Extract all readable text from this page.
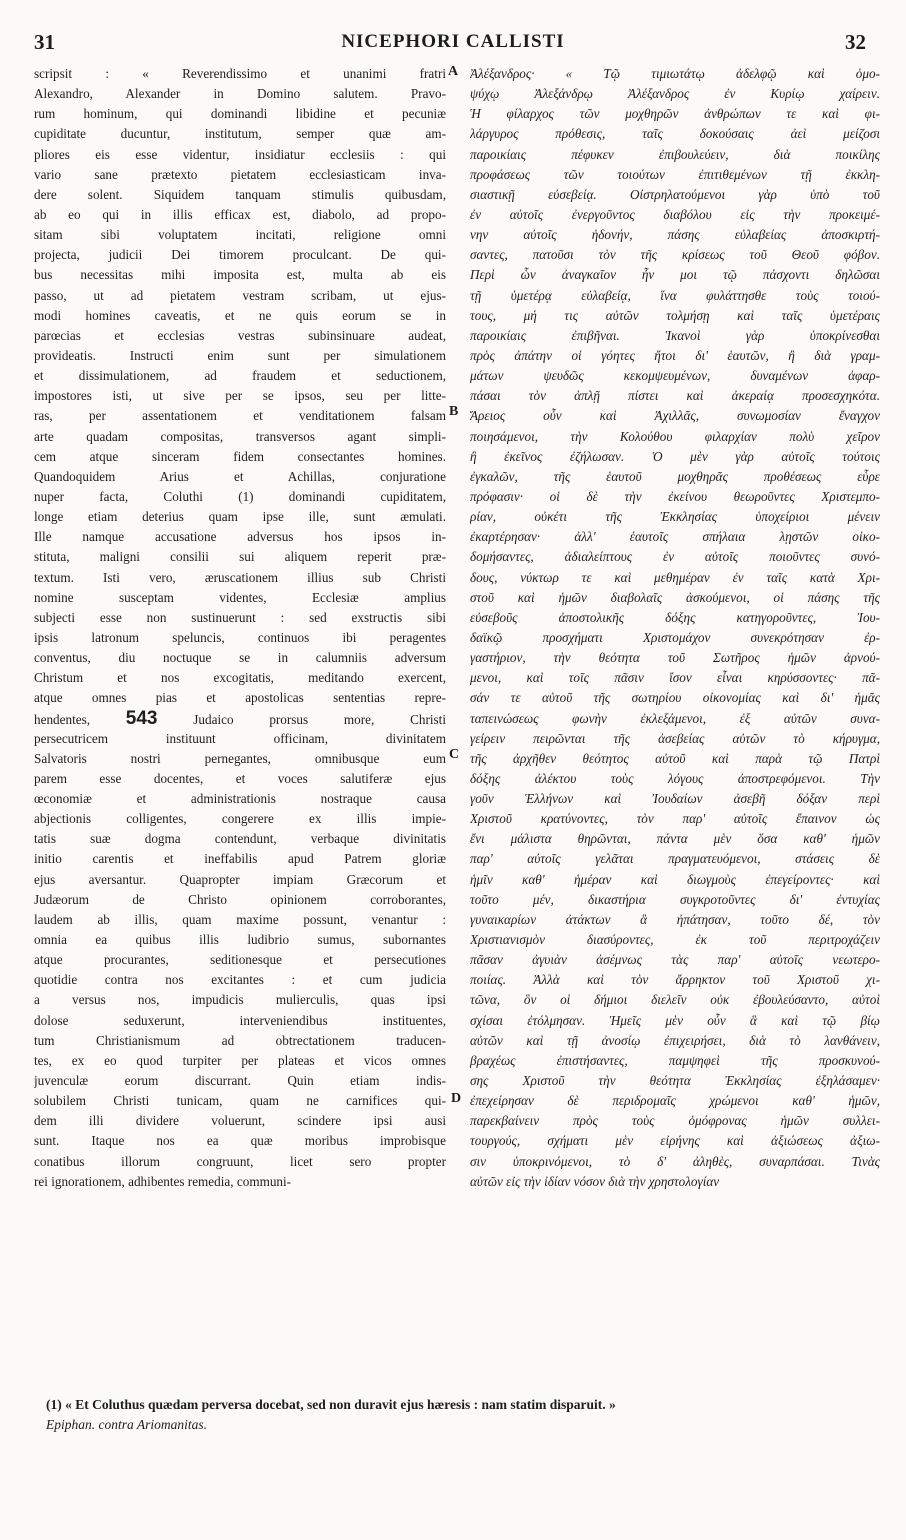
31	NICEPHORI CALLISTI	32
scripsit : « Reverendissimo et unanimi fratri
Alexandro, Alexander in Domino salutem. Pravo-
rum hominum, qui dominandi libidine et pecuniæ
cupiditate ducuntur, institutum, semper quæ am-
pliores eis esse videntur, insidiatur ecclesiis : qui
vario sane prætexto pietatem ecclesiasticam inva-
dere solent. Siquidem tanquam stimulis quibusdam,
ab eo qui in illis efficax est, diabolo, ad propo-
sitam sibi voluptatem incitati, religione omni
projecta, judicii Dei timorem proculcant. De qui-
bus necessitas mihi imposita est, multa ab eis
passo, ut ad pietatem vestram scribam, ut ejus-
modi homines caveatis, et ne quis eorum se in
parœcias et ecclesias vestras subinsinuare audeat,
provideatis. Instructi enim sunt per simulationem
et dissimulationem, ad fraudem et seductionem,
impostores isti, ut sive per se ipsos, seu per litte-
ras, per assentationem et venditationem falsam
arte quadam compositas, transversos agant simpli-
cem atque sinceram fidem consectantes homines.
Quandoquidem Arius et Achillas, conjuratione
nuper facta, Coluthi (1) dominandi cupiditatem,
longe etiam deterius quam ipse ille, sunt æmulati.
Ille namque accusatione adversus hos ipsos in-
stituta, maligni consilii sui aliquem reperit præ-
textum. Isti vero, æruscationem illius sub Christi
nomine susceptam videntes, Ecclesiæ amplius
subjecti esse non sustinuerunt : sed exstructis sibi
ipsis latronum speluncis, continuos ibi peragentes
conventus, diu noctuque se in calumniis adversum
Christum et nos excogitatis, meditando exercent,
atque omnes pias et apostolicas sententias repre-
hendentes, 543 Judaico prorsus more, Christi
persecutricem instituunt officinam, divinitatem
Salvatoris nostri pernegantes, omnibusque eum
parem esse docentes, et voces salutiferæ ejus
œconomiæ et administrationis nostraque causa
abjectionis colligentes, congerere ex illis impie-
tatis suæ dogma contendunt, verbaque divinitatis
initio carentis et ineffabilis apud Patrem gloriæ
ejus aversantur. Quapropter impiam Græcorum et
Judæorum de Christo opinionem corroborantes,
laudem ab illis, quam maxime possunt, venantur :
omnia ea quibus illis ludibrio sumus, subornantes
atque procurantes, seditionesque et persecutiones
quotidie contra nos excitantes : et cum judicia
a versus nos, impudicis mulierculis, quas ipsi
dolose seduxerunt, interveniendibus instituentes,
tum Christianismum ad obtrectationem traducen-
tes, ex eo quod turpiter per plateas et vicos omnes
juvenculæ eorum discurrant. Quin etiam indis-
solubilem Christi tunicam, quam ne carnifices qui-
dem illi dividere voluerunt, scindere ipsi ausi
sunt. Itaque nos ea quæ moribus improbisque
conatibus illorum congruunt, licet sero propter
rei ignorationem, adhibentes remedia, communi-
A
B
C
D
Ἀλέξανδρος· « Τῷ τιμιωτάτῳ ἀδελφῷ καὶ ὁμο-
ψύχῳ Ἀλεξάνδρῳ Ἀλέξανδρος ἐν Κυρίῳ χαίρειν.
Ἡ φίλαρχος τῶν μοχθηρῶν ἀνθρώπων τε καὶ φι-
λάργυρος πρόθεσις, ταῖς δοκούσαις ἀεὶ μείζοσι
παροικίαις πέφυκεν ἐπιβουλεύειν, διὰ ποικίλης
προφάσεως τῶν τοιούτων ἐπιτιθεμένων τῇ ἐκκλη-
σιαστικῇ εὐσεβείᾳ. Οἰστρηλατούμενοι γὰρ ὑπὸ τοῦ
ἐν αὐτοῖς ἐνεργοῦντος διαβόλου εἰς τὴν προκειμέ-
νην αὐτοῖς ἡδονήν, πάσης εὐλαβείας ἀποσκιρτή-
σαντες, πατοῦσι τὸν τῆς κρίσεως τοῦ Θεοῦ φόβον.
Περὶ ὧν ἀναγκαῖον ἦν μοι τῷ πάσχοντι δηλῶσαι
τῇ ὑμετέρᾳ εὐλαβείᾳ, ἵνα φυλάττησθε τοὺς τοιού-
τους, μή τις αὐτῶν τολμήσῃ καὶ ταῖς ὑμετέραις
παροικίαις ἐπιβῆναι. Ἱκανοὶ γὰρ ὑποκρίνεσθαι
πρὸς ἀπάτην οἱ γόητες ἤτοι δι' ἑαυτῶν, ἢ διὰ γραμ-
μάτων ψευδῶς κεκομψευμένων, δυναμένων ἀφαρ-
πάσαι τὸν ἁπλῇ πίστει καὶ ἀκεραίᾳ προσεσχηκότα.
Ἄρειος οὖν καὶ Ἀχιλλᾶς, συνωμοσίαν ἔναγχον
ποιησάμενοι, τὴν Κολούθου φιλαρχίαν πολὺ χεῖρον
ἢ ἐκεῖνος ἐζήλωσαν. Ὁ μὲν γὰρ αὐτοῖς τούτοις
ἐγκαλῶν, τῆς ἑαυτοῦ μοχθηρᾶς προθέσεως εὗρε
πρόφασιν· οἱ δὲ τὴν ἐκείνου θεωροῦντες Χριστεμπο-
ρίαν, οὐκέτι τῆς Ἐκκλησίας ὑποχείριοι μένειν
ἐκαρτέρησαν· ἀλλ' ἑαυτοῖς σπήλαια λῃστῶν οἰκο-
δομήσαντες, ἀδιαλείπτους ἐν αὐτοῖς ποιοῦντες συνό-
δους, νύκτωρ τε καὶ μεθημέραν ἐν ταῖς κατὰ Χρι-
στοῦ καὶ ἡμῶν διαβολαῖς ἀσκούμενοι, οἱ πάσης τῆς
εὐσεβοῦς ἀποστολικῆς δόξης κατηγοροῦντες, Ἰου-
δαϊκῷ προσχήματι Χριστομάχον συνεκρότησαν ἐρ-
γαστήριον, τὴν θεότητα τοῦ Σωτῆρος ἡμῶν ἀρνού-
μενοι, καὶ τοῖς πᾶσιν ἴσον εἶναι κηρύσσοντες· πᾶ-
σάν τε αὐτοῦ τῆς σωτηρίου οἰκονομίας καὶ δι' ἡμᾶς
ταπεινώσεως φωνὴν ἐκλεξάμενοι, ἐξ αὐτῶν συνα-
γείρειν πειρῶνται τῆς ἀσεβείας αὐτῶν τὸ κήρυγμα,
τῆς ἀρχῆθεν θεότητος αὐτοῦ καὶ παρὰ τῷ Πατρὶ
δόξης ἀλέκτου τοὺς λόγους ἀποστρεφόμενοι. Τὴν
γοῦν Ἑλλήνων καὶ Ἰουδαίων ἀσεβῆ δόξαν περὶ
Χριστοῦ κρατύνοντες, τὸν παρ' αὐτοῖς ἔπαινον ὡς
ἔνι μάλιστα θηρῶνται, πάντα μὲν ὅσα καθ' ἡμῶν
παρ' αὐτοῖς γελᾶται πραγματευόμενοι, στάσεις δὲ
ἡμῖν καθ' ἡμέραν καὶ διωγμοὺς ἐπεγείροντες· καὶ
τοῦτο μέν, δικαστήρια συγκροτοῦντες δι' ἐντυχίας
γυναικαρίων ἀτάκτων ἃ ἠπάτησαν, τοῦτο δέ, τὸν
Χριστιανισμὸν διασύροντες, ἐκ τοῦ περιτροχάζειν
πᾶσαν ἀγυιὰν ἀσέμνως τὰς παρ' αὐτοῖς νεωτερο-
ποιίας. Ἀλλὰ καὶ τὸν ἄρρηκτον τοῦ Χριστοῦ χι-
τῶνα, ὃν οἱ δήμιοι διελεῖν οὐκ ἐβουλεύσαντο, αὐτοὶ
σχίσαι ἐτόλμησαν. Ἡμεῖς μὲν οὖν ἃ καὶ τῷ βίῳ
αὐτῶν καὶ τῇ ἀνοσίῳ ἐπιχειρήσει, διὰ τὸ λανθάνειν,
βραχέως ἐπιστήσαντες, παμψηφεὶ τῆς προσκυνού-
σης Χριστοῦ τὴν θεότητα Ἐκκλησίας ἐξηλάσαμεν·
ἐπεχείρησαν δὲ περιδρομαῖς χρώμενοι καθ' ἡμῶν,
παρεκβαίνειν πρὸς τοὺς ὁμόφρονας ἡμῶν συλλει-
τουργούς, σχήματι μὲν εἰρήνης καὶ ἀξιώσεως ἀξιω-
σιν ὑποκρινόμενοι, τὸ δ' ἀληθὲς, συναρπάσαι. Τινὰς
αὐτῶν εἰς τὴν ἰδίαν νόσον διὰ τὴν χρηστολογίαν
(1) « Et Coluthus quædam perversa docebat, sed non duravit ejus hæresis : nam statim disparuit. »
Epiphan. contra Ariomanitas.
